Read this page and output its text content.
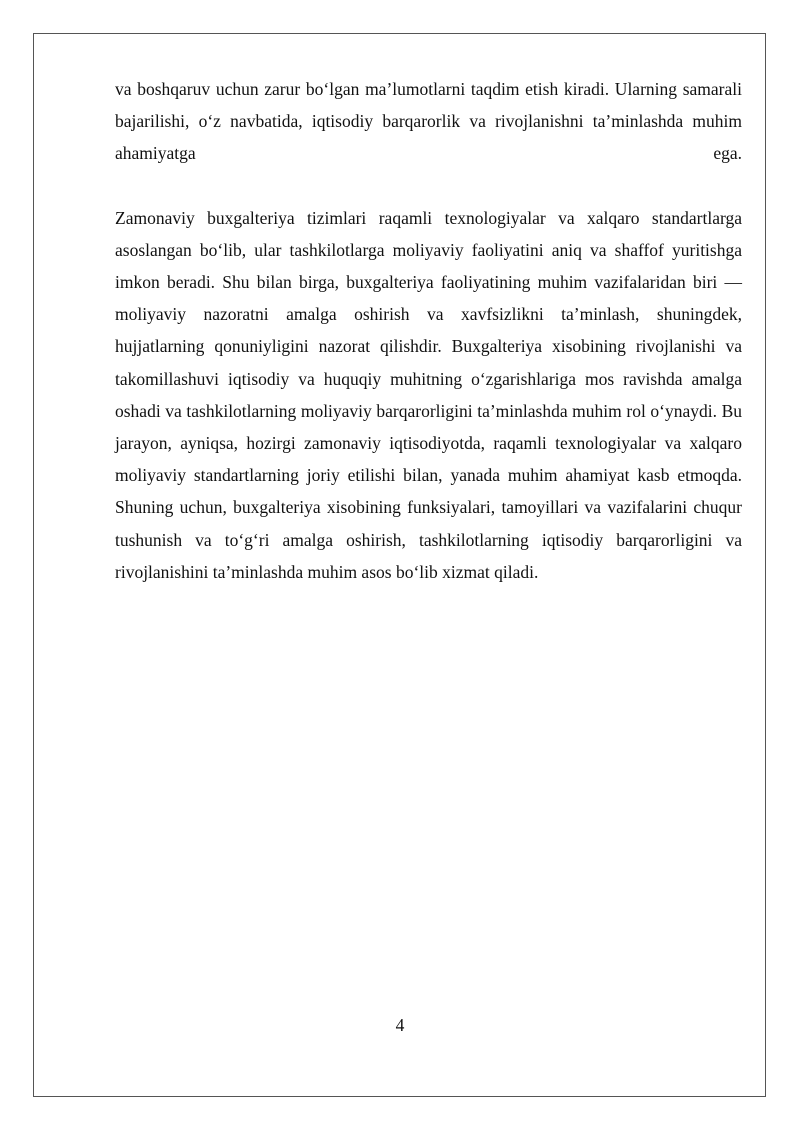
va boshqaruv uchun zarur bo‘lgan ma’lumotlarni taqdim etish kiradi. Ularning samarali bajarilishi, o‘z navbatida, iqtisodiy barqarorlik va rivojlanishni ta’minlashda muhim ahamiyatga ega.

Zamonaviy buxgalteriya tizimlari raqamli texnologiyalar va xalqaro standartlarga asoslangan bo‘lib, ular tashkilotlarga moliyaviy faoliyatini aniq va shaffof yuritishga imkon beradi. Shu bilan birga, buxgalteriya faoliyatining muhim vazifalaridan biri — moliyaviy nazoratni amalga oshirish va xavfsizlikni ta’minlash, shuningdek, hujjatlarning qonuniyligini nazorat qilishdir. Buxgalteriya xisobining rivojlanishi va takomillashuvi iqtisodiy va huquqiy muhitning o‘zgarishlariga mos ravishda amalga oshadi va tashkilotlarning moliyaviy barqarorligini ta’minlashda muhim rol o‘ynaydi. Bu jarayon, ayniqsa, hozirgi zamonaviy iqtisodiyotda, raqamli texnologiyalar va xalqaro moliyaviy standartlarning joriy etilishi bilan, yanada muhim ahamiyat kasb etmoqda. Shuning uchun, buxgalteriya xisobining funksiyalari, tamoyillari va vazifalarini chuqur tushunish va to‘g‘ri amalga oshirish, tashkilotlarning iqtisodiy barqarorligini va rivojlanishini ta’minlashda muhim asos bo‘lib xizmat qiladi.

4
